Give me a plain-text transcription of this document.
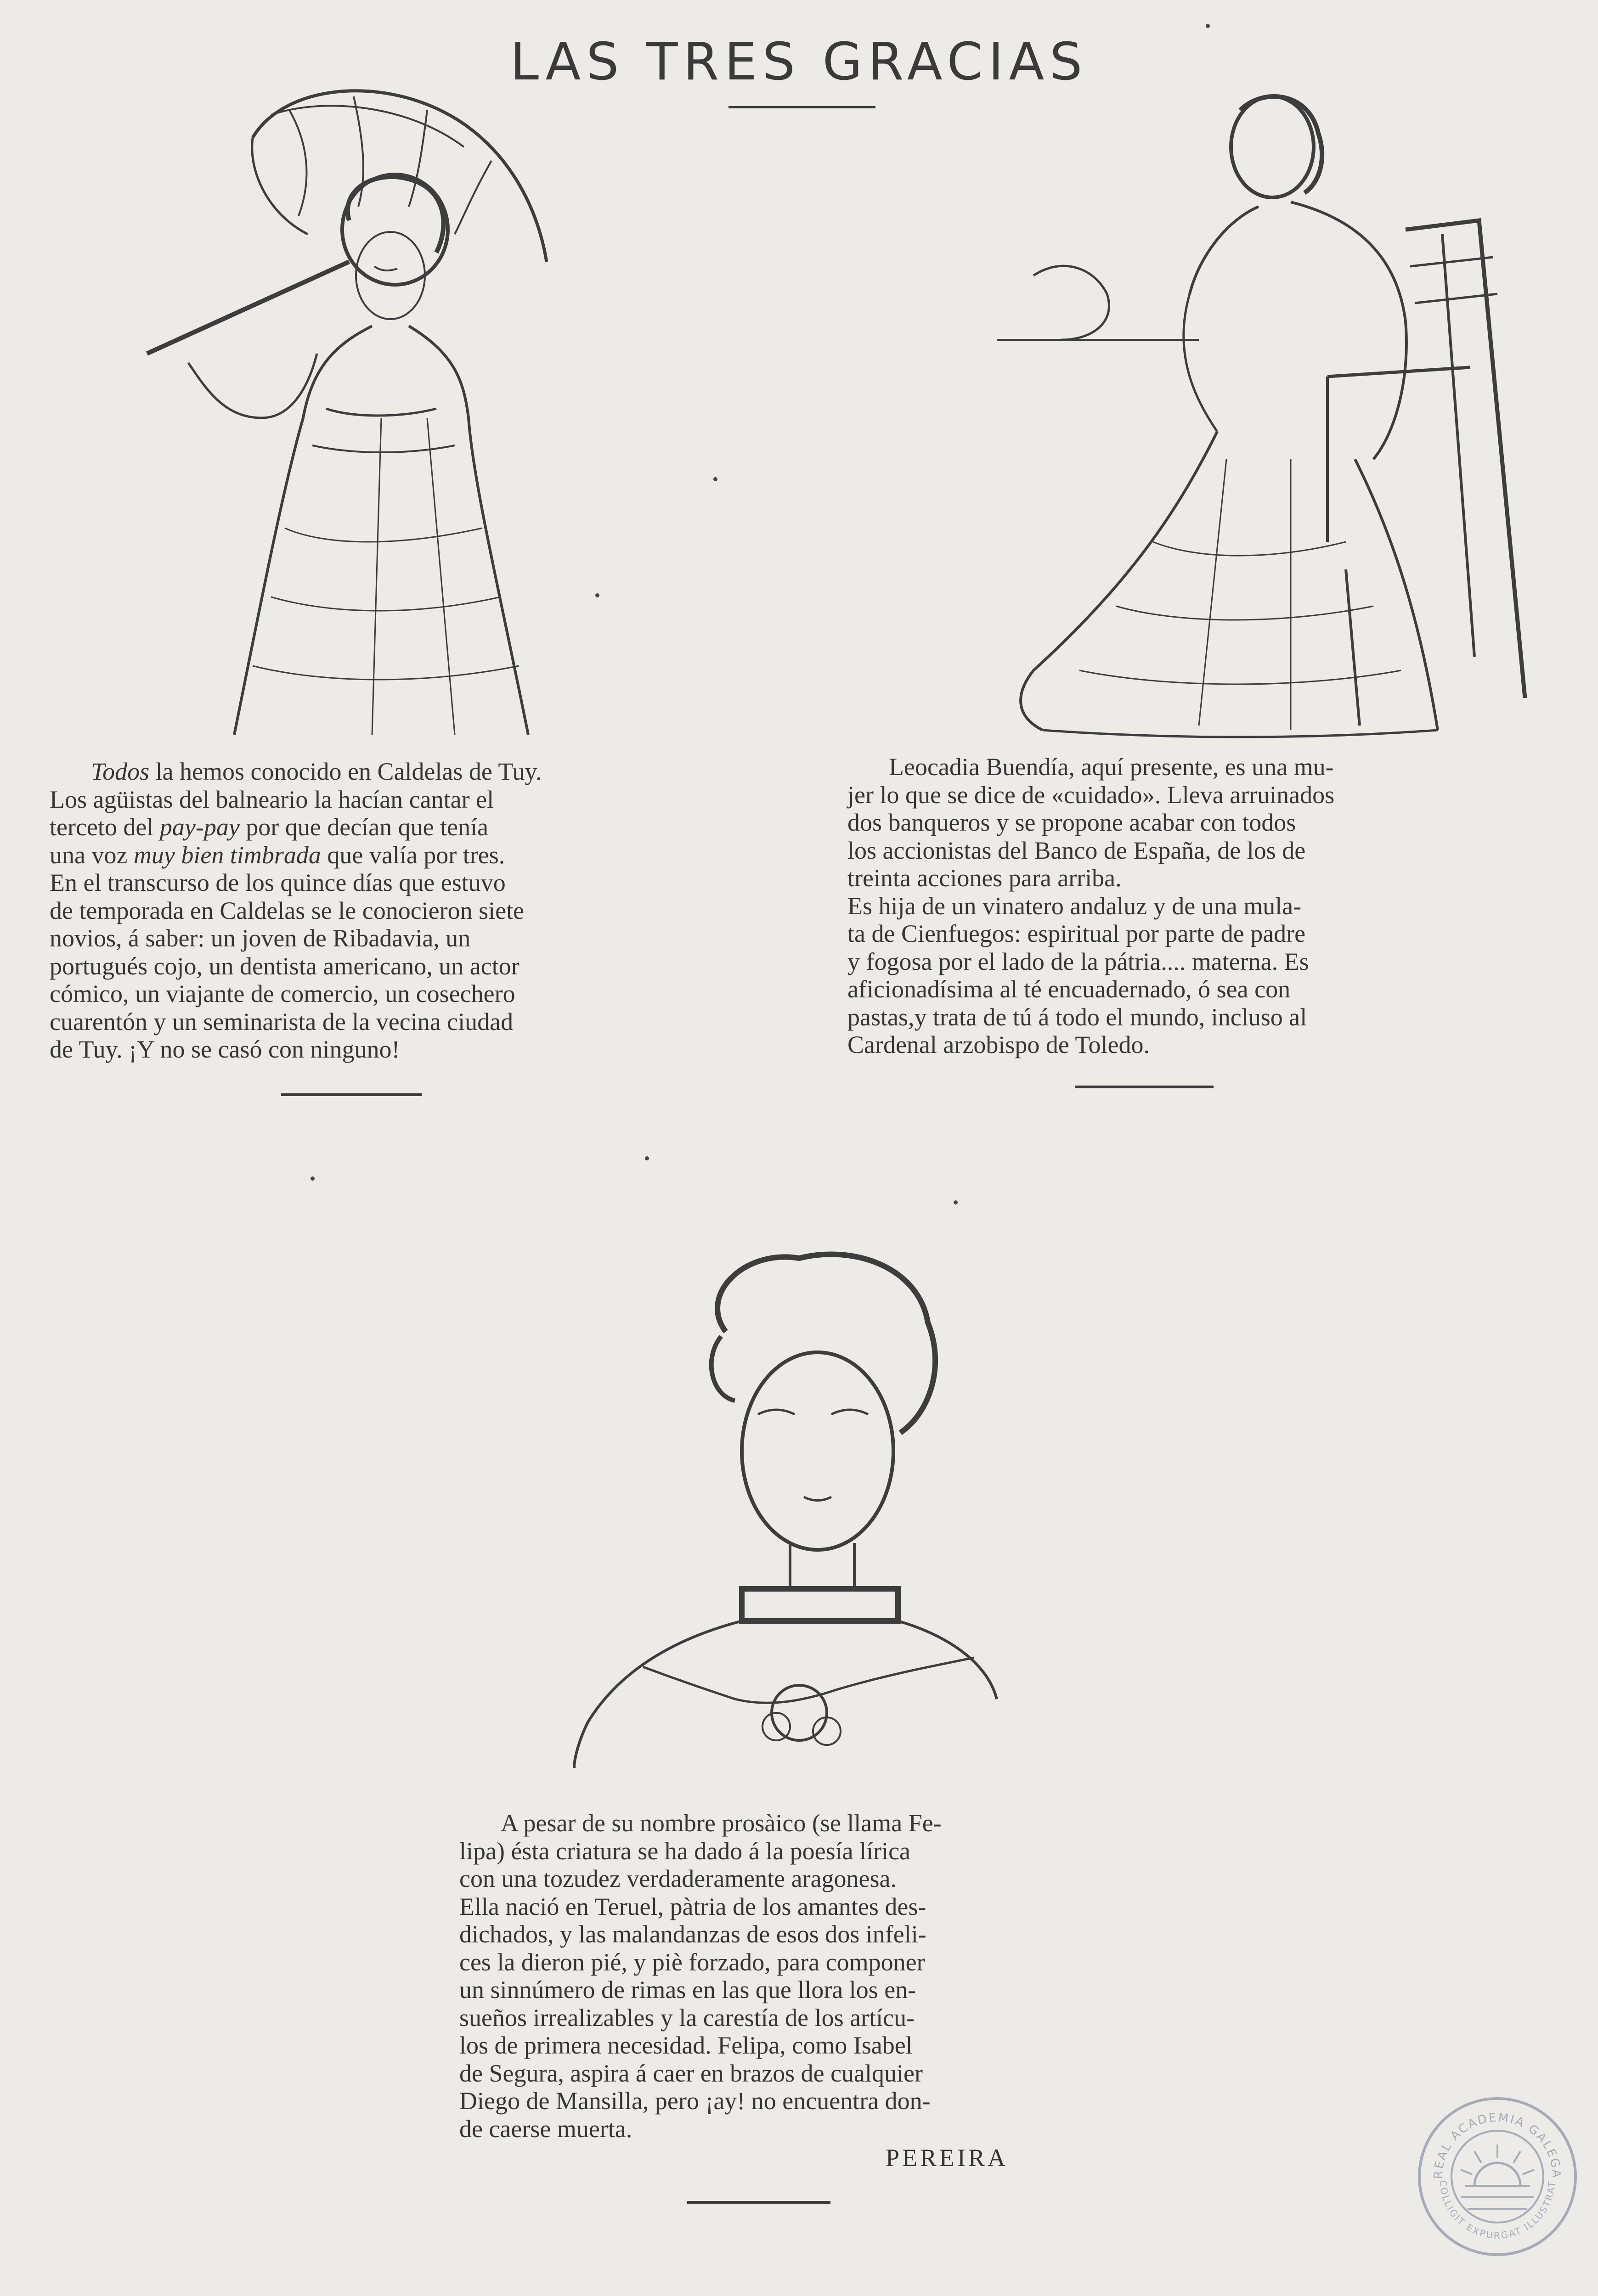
LAS TRES GRACIAS

Todos la hemos conocido en Caldelas de Tuy.
Los agüistas del balneario la hacían cantar el
terceto del pay-pay por que decían que tenía
una voz muy bien timbrada que valía por tres.
En el transcurso de los quince días que estuvo
de temporada en Caldelas se le conocieron siete
novios, á saber: un joven de Ribadavia, un
portugués cojo, un dentista americano, un actor
cómico, un viajante de comercio, un cosechero
cuarentón y un seminarista de la vecina ciudad
de Tuy. ¡Y no se casó con ninguno!

Leocadia Buendía, aquí presente, es una mu-
jer lo que se dice de «cuidado». Lleva arruinados
dos banqueros y se propone acabar con todos
los accionistas del Banco de España, de los de
treinta acciones para arriba.
Es hija de un vinatero andaluz y de una mula-
ta de Cienfuegos: espiritual por parte de padre
y fogosa por el lado de la pátria.... materna. Es
aficionadísima al té encuadernado, ó sea con
pastas,y trata de tú á todo el mundo, incluso al
Cardenal arzobispo de Toledo.

A pesar de su nombre prosàico (se llama Fe-
lipa) ésta criatura se ha dado á la poesía lírica
con una tozudez verdaderamente aragonesa.
Ella nació en Teruel, pàtria de los amantes des-
dichados, y las malandanzas de esos dos infeli-
ces la dieron pié, y piè forzado, para componer
un sinnúmero de rimas en las que llora los en-
sueños irrealizables y la carestía de los artícu-
los de primera necesidad. Felipa, como Isabel
de Segura, aspira á caer en brazos de cualquier
Diego de Mansilla, pero ¡ay! no encuentra don-
de caerse muerta.

PEREIRA
REAL ACADEMIA GALEGA
COLLIGIT EXPURGAT ILLUSTRAT
